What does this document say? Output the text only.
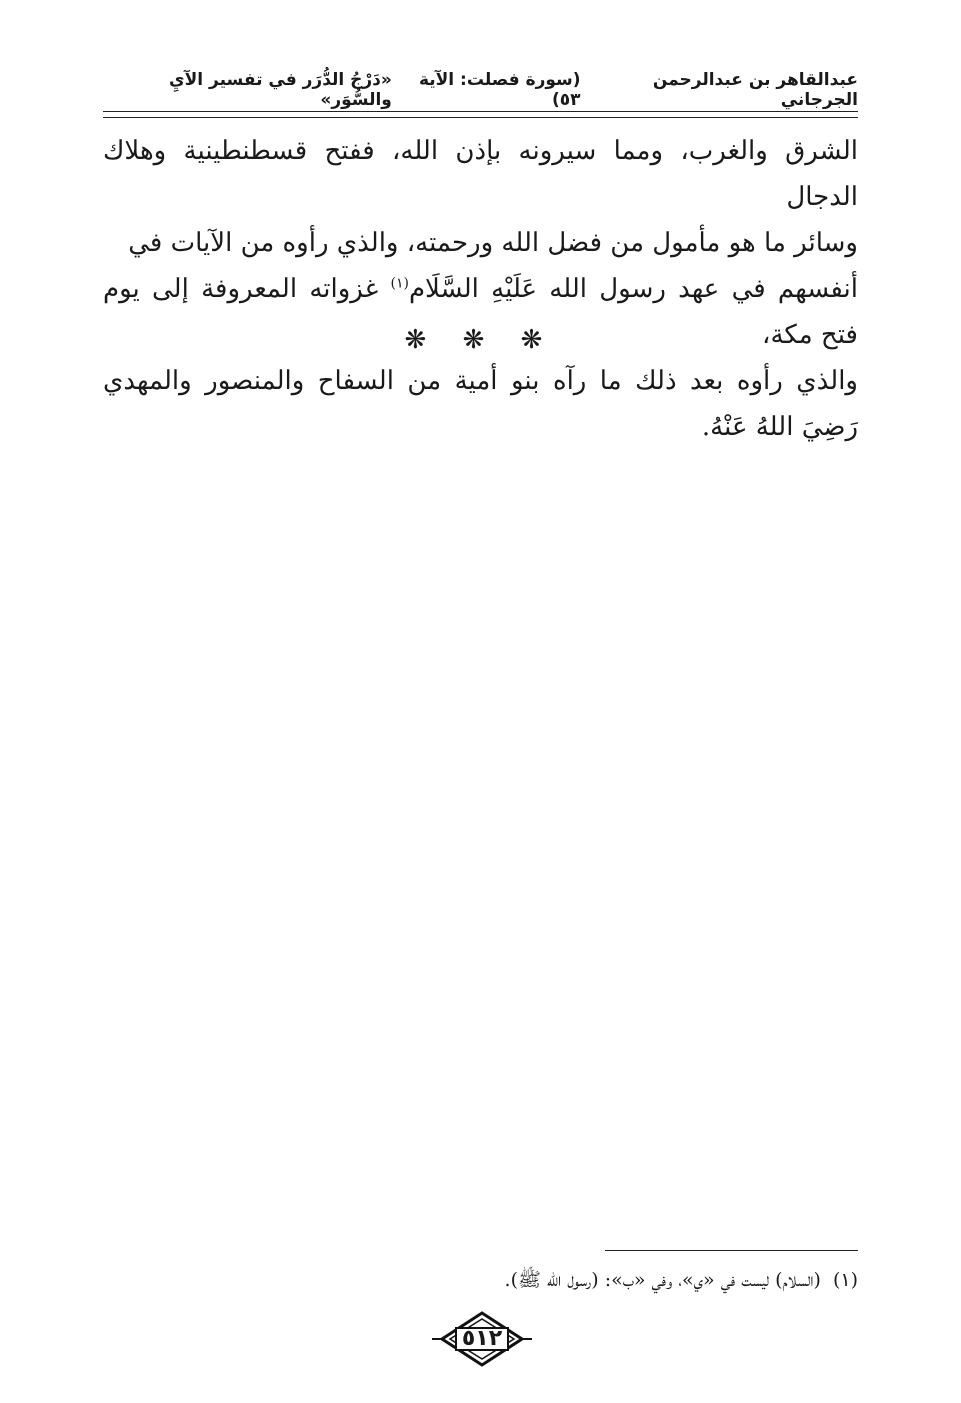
عبدالقاهر بن عبدالرحمن الجرجاني
(سورة فصلت: الآية ٥٣)
«دَرْجُ الدُّرَر في تفسير الآيِ والسُّوَر»
الشرق والغرب، ومما سيرونه بإذن الله، ففتح قسطنطينية وهلاك الدجال
وسائر ما هو مأمول من فضل الله ورحمته، والذي رأوه من الآيات في
أنفسهم في عهد رسول الله عَلَيْهِ السَّلَام$^{(١)}$ غزواته المعروفة إلى يوم فتح مكة،
والذي رأوه بعد ذلك ما رآه بنو أمية من السفاح والمنصور والمهدي رَضِيَ اللهُ عَنْهُ.
❋ ❋ ❋
(١)(السلام) ليست في «ي»، وفي «ب»: (رسول الله ﷺ).
٥١٢
